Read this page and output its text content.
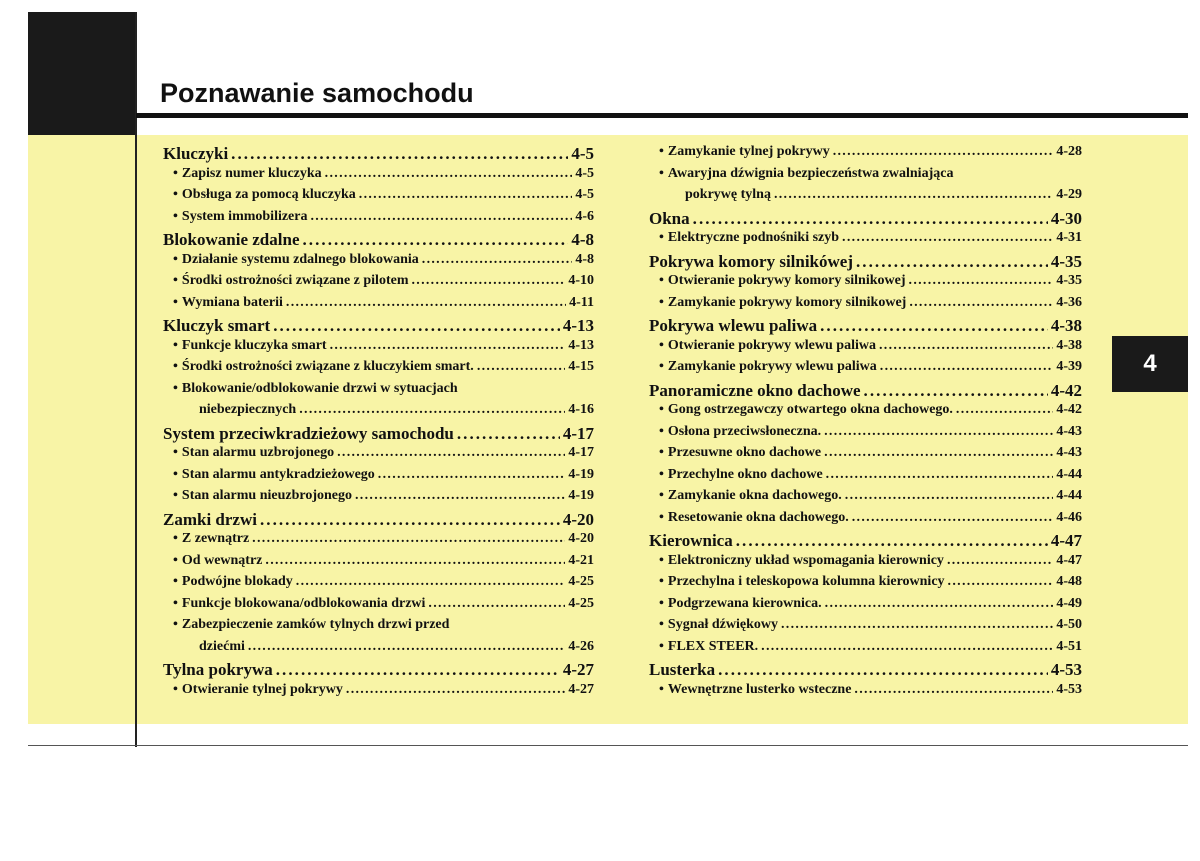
Poznawanie samochodu
4
Kluczyki . . .	4-5
• Zapisz numer kluczyka . . .	4-5
• Obsługa za pomocą kluczyka . . .	4-5
• System immobilizera . . .	4-6
Blokowanie zdalne . . .	4-8
• Działanie systemu zdalnego blokowania . . .	4-8
• Środki ostrożności związane z pilotem . . .	4-10
• Wymiana baterii . . .	4-11
Kluczyk smart . . .	4-13
• Funkcje kluczyka smart . . .	4-13
• Środki ostrożności związane z kluczykiem smart. . . .	4-15
• Blokowanie/odblokowanie drzwi w sytuacjach
niebezpiecznych . . .	4-16
System przeciwkradzieżowy samochodu . . .	4-17
• Stan alarmu uzbrojonego . . .	4-17
• Stan alarmu antykradzieżowego . . .	4-19
• Stan alarmu nieuzbrojonego . . .	4-19
Zamki drzwi . . .	4-20
• Z zewnątrz . . .	4-20
• Od wewnątrz . . .	4-21
• Podwójne blokady . . .	4-25
• Funkcje blokowana/odblokowania drzwi . . .	4-25
• Zabezpieczenie zamków tylnych drzwi przed
dziećmi . . .	4-26
Tylna pokrywa . . .	4-27
• Otwieranie tylnej pokrywy . . .	4-27
• Zamykanie tylnej pokrywy . . .	4-28
• Awaryjna dźwignia bezpieczeństwa zwalniająca
pokrywę tylną . . .	4-29
Okna . . .	4-30
• Elektryczne podnośniki szyb . . .	4-31
Pokrywa komory silnikówej . . .	4-35
• Otwieranie pokrywy komory silnikowej . . .	4-35
• Zamykanie pokrywy komory silnikowej . . .	4-36
Pokrywa wlewu paliwa . . .	4-38
• Otwieranie pokrywy wlewu paliwa . . .	4-38
• Zamykanie pokrywy wlewu paliwa . . .	4-39
Panoramiczne okno dachowe . . .	4-42
• Gong ostrzegawczy otwartego okna dachowego. . . .	4-42
• Osłona przeciwsłoneczna. . . .	4-43
• Przesuwne okno dachowe . . .	4-43
• Przechylne okno dachowe . . .	4-44
• Zamykanie okna dachowego. . . .	4-44
• Resetowanie okna dachowego. . . .	4-46
Kierownica . . .	4-47
• Elektroniczny układ wspomagania kierownicy . . .	4-47
• Przechylna i teleskopowa kolumna kierownicy . . .	4-48
• Podgrzewana kierownica. . . .	4-49
• Sygnał dźwiękowy . . .	4-50
• FLEX STEER. . . .	4-51
Lusterka . . .	4-53
• Wewnętrzne lusterko wsteczne . . .	4-53
